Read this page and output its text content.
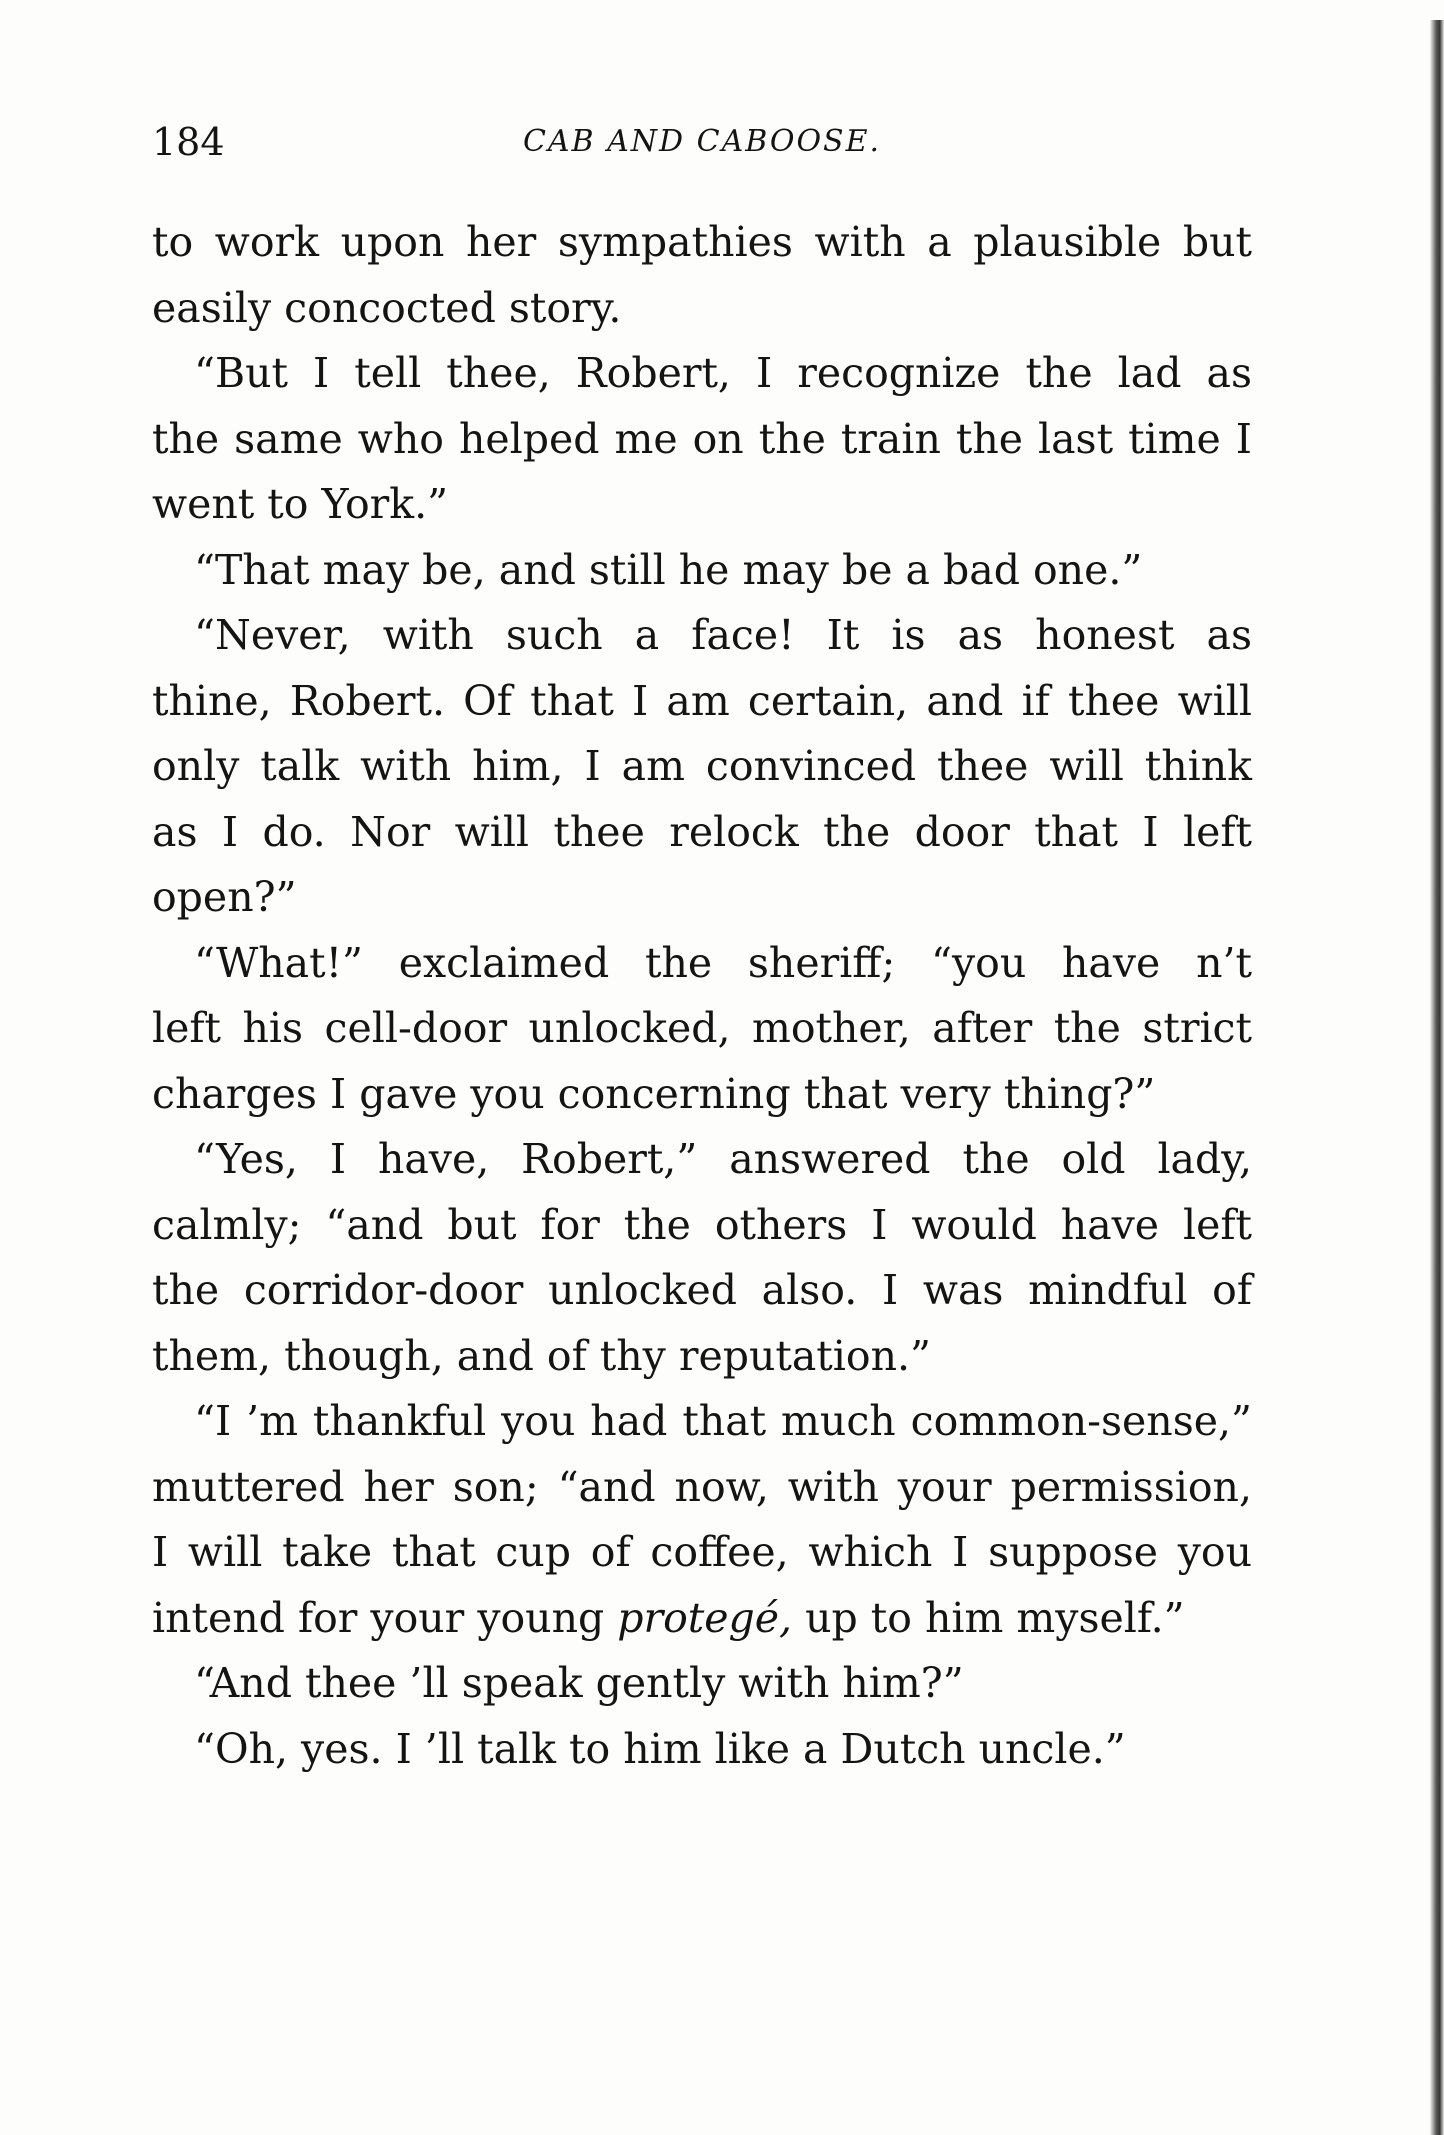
184	CAB AND CABOOSE.
to work upon her sympathies with a plausible but
easily concocted story.
“But I tell thee, Robert, I recognize the lad as
the same who helped me on the train the last time I
went to York.”
“That may be, and still he may be a bad one.”
“Never, with such a face! It is as honest as
thine, Robert. Of that I am certain, and if thee will
only talk with him, I am convinced thee will think
as I do. Nor will thee relock the door that I left
open?”
“What!” exclaimed the sheriff; “you have n’t
left his cell-door unlocked, mother, after the strict
charges I gave you concerning that very thing?”
“Yes, I have, Robert,” answered the old lady,
calmly; “and but for the others I would have left
the corridor-door unlocked also. I was mindful of
them, though, and of thy reputation.”
“I ’m thankful you had that much common-sense,”
muttered her son; “and now, with your permission,
I will take that cup of coffee, which I suppose you
intend for your young protegé, up to him myself.”
“And thee ’ll speak gently with him?”
“Oh, yes. I ’ll talk to him like a Dutch uncle.”
